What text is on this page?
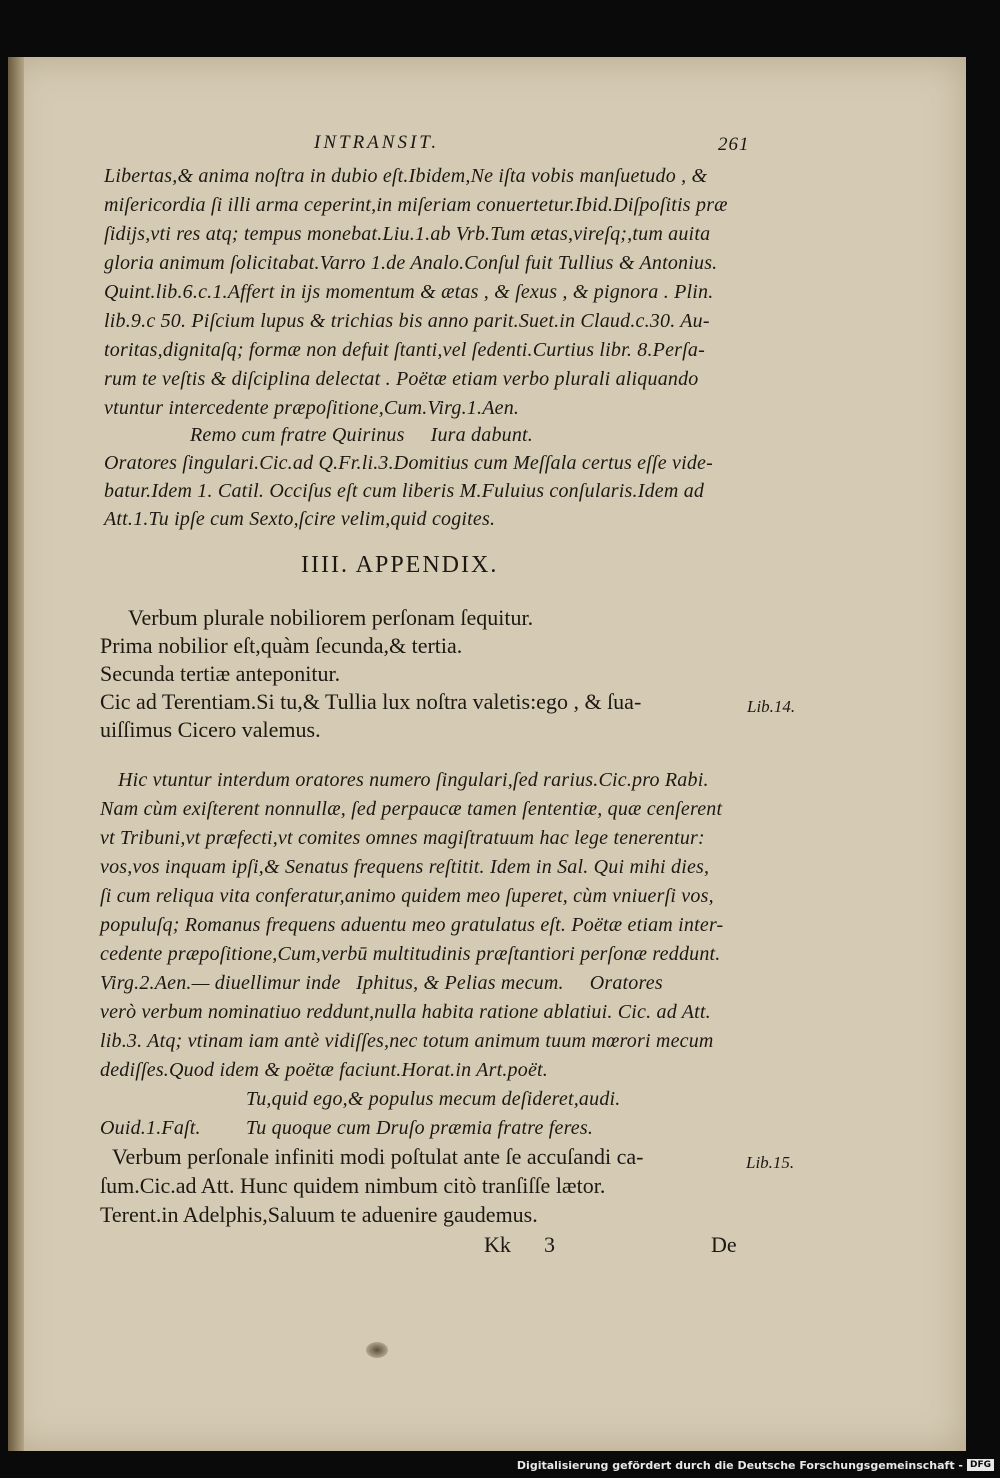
INTRANSIT.	261
Libertas,& anima noſtra in dubio eſt.Ibidem,Ne iſta vobis manſuetudo , &
miſericordia ſi illi arma ceperint,in miſeriam conuertetur.Ibid.Diſpoſitis præ
ſidijs,vti res atq; tempus monebat.Liu.1.ab Vrb.Tum ætas,vireſq;,tum auita
gloria animum ſolicitabat.Varro 1.de Analo.Conſul fuit Tullius & Antonius.
Quint.lib.6.c.1.Affert in ijs momentum & ætas , & ſexus , & pignora . Plin.
lib.9.c 50. Piſcium lupus & trichias bis anno parit.Suet.in Claud.c.30. Au-
toritas,dignitaſq; formæ non defuit ſtanti,vel ſedenti.Curtius libr. 8.Perſa-
rum te veſtis & diſciplina delectat . Poëtæ etiam verbo plurali aliquando
vtuntur intercedente præpoſitione,Cum.Virg.1.Aen.
Remo cum fratre Quirinus     Iura dabunt.
Oratores ſingulari.Cic.ad Q.Fr.li.3.Domitius cum Meſſala certus eſſe vide-
batur.Idem 1. Catil. Occiſus eſt cum liberis M.Fuluius conſularis.Idem ad
Att.1.Tu ipſe cum Sexto,ſcire velim,quid cogites.
IIII. APPENDIX.
Verbum plurale nobiliorem perſonam ſequitur.
Prima nobilior eſt,quàm ſecunda,& tertia.
Secunda tertiæ anteponitur.
Cic ad Terentiam.Si tu,& Tullia lux noſtra valetis:ego , & ſua-
uiſſimus Cicero valemus.
Lib.14.
Hic vtuntur interdum oratores numero ſingulari,ſed rarius.Cic.pro Rabi.
Nam cùm exiſterent nonnullæ, ſed perpaucæ tamen ſententiæ, quæ cenſerent
vt Tribuni,vt præfecti,vt comites omnes magiſtratuum hac lege tenerentur:
vos,vos inquam ipſi,& Senatus frequens reſtitit. Idem in Sal. Qui mihi dies,
ſi cum reliqua vita conferatur,animo quidem meo ſuperet, cùm vniuerſi vos,
populuſq; Romanus frequens aduentu meo gratulatus eſt. Poëtæ etiam inter-
cedente præpoſitione,Cum,verbū multitudinis præſtantiori perſonæ reddunt.
Virg.2.Aen.— diuellimur inde   Iphitus, & Pelias mecum.     Oratores
verò verbum nominatiuo reddunt,nulla habita ratione ablatiui. Cic. ad Att.
lib.3. Atq; vtinam iam antè vidiſſes,nec totum animum tuum mœrori mecum
dediſſes.Quod idem & poëtæ faciunt.Horat.in Art.poët.
Tu,quid ego,& populus mecum deſideret,audi.
Ouid.1.Faſt. Tu quoque cum Druſo præmia fratre feres.
Verbum perſonale infiniti modi poſtulat ante ſe accuſandi ca-
ſum.Cic.ad Att. Hunc quidem nimbum citò tranſiſſe lætor.
Terent.in Adelphis,Saluum te aduenire gaudemus.
Lib.15.
Kk 3	De
Digitalisierung gefördert durch die Deutsche Forschungsgemeinschaft - DFG
